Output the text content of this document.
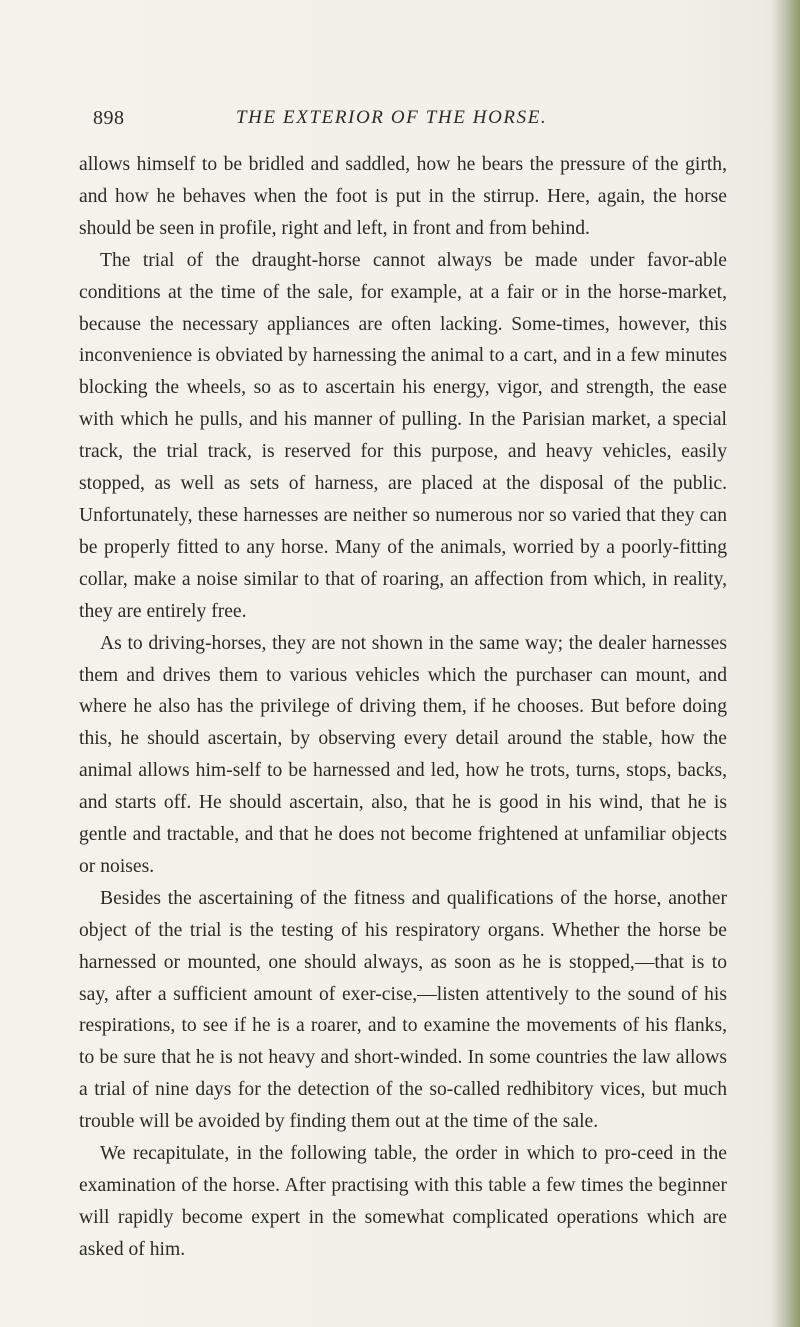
898	THE EXTERIOR OF THE HORSE.

allows himself to be bridled and saddled, how he bears the pressure of the girth, and how he behaves when the foot is put in the stirrup. Here, again, the horse should be seen in profile, right and left, in front and from behind.

The trial of the draught-horse cannot always be made under favor-able conditions at the time of the sale, for example, at a fair or in the horse-market, because the necessary appliances are often lacking. Some-times, however, this inconvenience is obviated by harnessing the animal to a cart, and in a few minutes blocking the wheels, so as to ascertain his energy, vigor, and strength, the ease with which he pulls, and his manner of pulling. In the Parisian market, a special track, the trial track, is reserved for this purpose, and heavy vehicles, easily stopped, as well as sets of harness, are placed at the disposal of the public. Unfortunately, these harnesses are neither so numerous nor so varied that they can be properly fitted to any horse. Many of the animals, worried by a poorly-fitting collar, make a noise similar to that of roaring, an affection from which, in reality, they are entirely free.

As to driving-horses, they are not shown in the same way; the dealer harnesses them and drives them to various vehicles which the purchaser can mount, and where he also has the privilege of driving them, if he chooses. But before doing this, he should ascertain, by observing every detail around the stable, how the animal allows him-self to be harnessed and led, how he trots, turns, stops, backs, and starts off. He should ascertain, also, that he is good in his wind, that he is gentle and tractable, and that he does not become frightened at unfamiliar objects or noises.

Besides the ascertaining of the fitness and qualifications of the horse, another object of the trial is the testing of his respiratory organs. Whether the horse be harnessed or mounted, one should always, as soon as he is stopped,—that is to say, after a sufficient amount of exer-cise,—listen attentively to the sound of his respirations, to see if he is a roarer, and to examine the movements of his flanks, to be sure that he is not heavy and short-winded. In some countries the law allows a trial of nine days for the detection of the so-called redhibitory vices, but much trouble will be avoided by finding them out at the time of the sale.

We recapitulate, in the following table, the order in which to pro-ceed in the examination of the horse. After practising with this table a few times the beginner will rapidly become expert in the somewhat complicated operations which are asked of him.
